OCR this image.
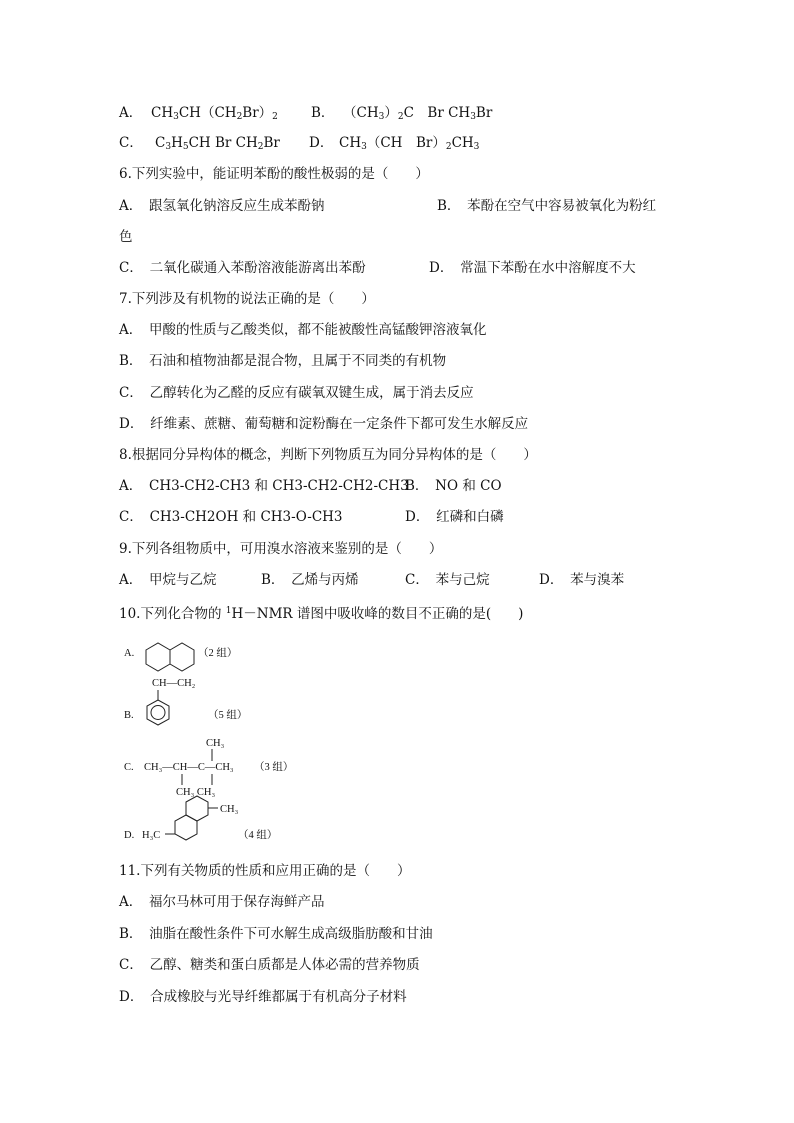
A． $CH_3CH(CH_2Br)_2$ B． $(CH_3)_2C$　Br $CH_3Br$
C． $C_3H_5CH$ Br $CH_2Br$ D． $CH_3(CH$　$Br)_2CH_3$
6.下列实验中，能证明苯酚的酸性极弱的是（　　）
A．　跟氢氧化钠溶反应生成苯酚钠	B．　苯酚在空气中容易被氧化为粉红
色
C．　二氧化碳通入苯酚溶液能游离出苯酚	D．　常温下苯酚在水中溶解度不大
7.下列涉及有机物的说法正确的是（　　）
A．　甲酸的性质与乙酸类似，都不能被酸性高锰酸钾溶液氧化
B．　石油和植物油都是混合物，且属于不同类的有机物
C．　乙醇转化为乙醛的反应有碳氧双键生成，属于消去反应
D．　纤维素、蔗糖、葡萄糖和淀粉酶在一定条件下都可发生水解反应
8.根据同分异构体的概念，判断下列物质互为同分异构体的是（　　）
A．　CH3-CH2-CH3 和 CH3-CH2-CH2-CH3
B．　NO 和 CO
C．　CH3-CH2OH 和 CH3-O-CH3	D．　红磷和白磷
9.下列各组物质中，可用溴水溶液来鉴别的是（　　）
A．　甲烷与乙烷	B．　乙烯与丙烯	C．　苯与己烷	D．　苯与溴苯
10.下列化合物的 $^1$H－NMR 谱图中吸收峰的数目不正确的是(　　)
A.	（2 组）
CH—CH₂
B.	（5 组）
CH₃
C. CH₃—CH—C—CH₃ （3 组）
CH₃ CH₃
CH₃
D. H₃C	（4 组）
11.下列有关物质的性质和应用正确的是（　　）
A．　福尔马林可用于保存海鲜产品
B．　油脂在酸性条件下可水解生成高级脂肪酸和甘油
C．　乙醇、糖类和蛋白质都是人体必需的营养物质
D．　合成橡胶与光导纤维都属于有机高分子材料
